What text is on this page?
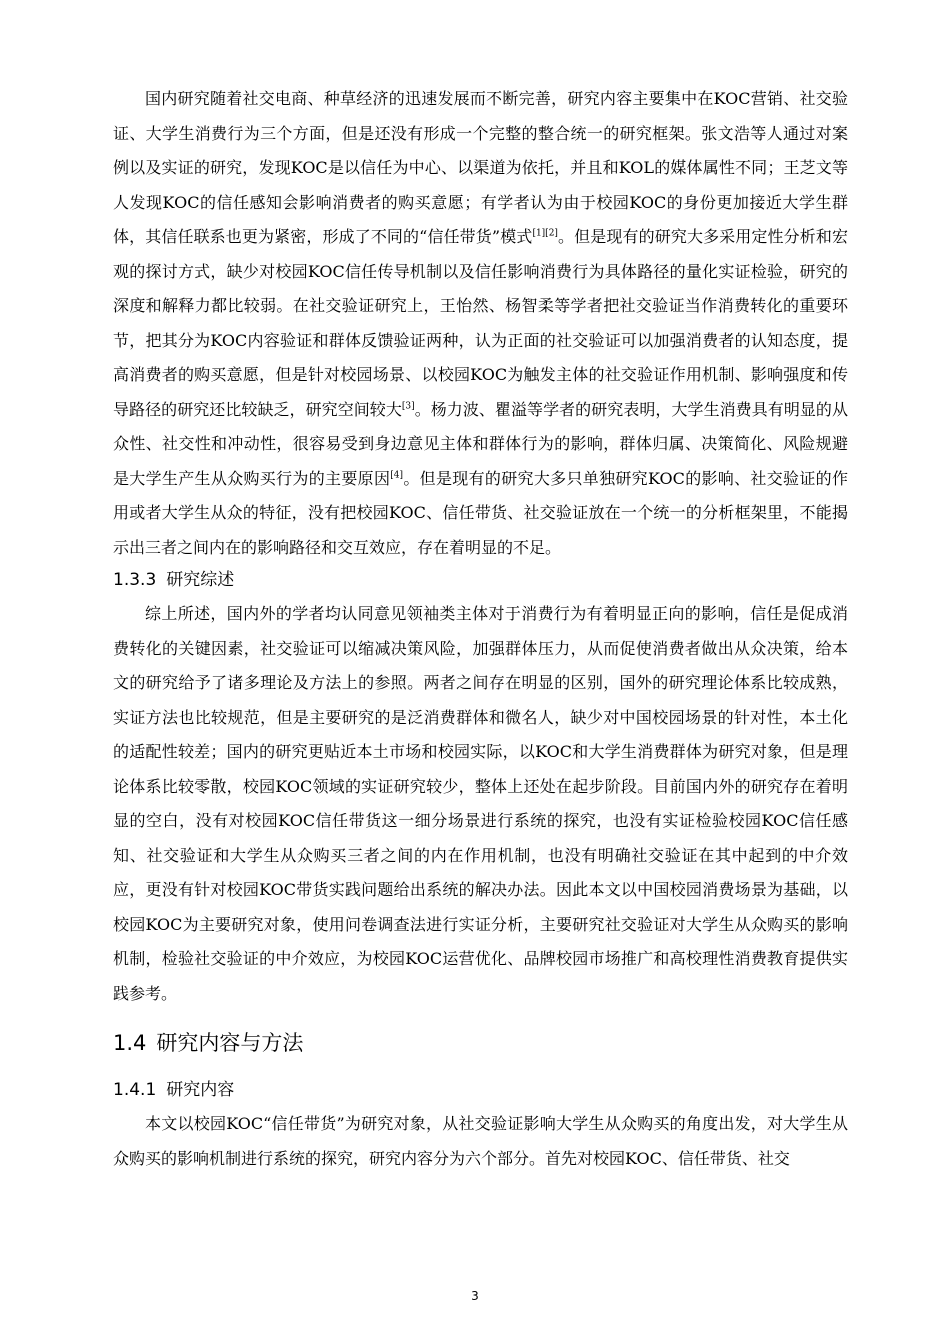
国内研究随着社交电商、种草经济的迅速发展而不断完善，研究内容主要集中在KOC营销、社交验证、大学生消费行为三个方面，但是还没有形成一个完整的整合统一的研究框架。张文浩等人通过对案例以及实证的研究，发现KOC是以信任为中心、以渠道为依托，并且和KOL的媒体属性不同；王芝文等人发现KOC的信任感知会影响消费者的购买意愿；有学者认为由于校园KOC的身份更加接近大学生群体，其信任联系也更为紧密，形成了不同的“信任带货”模式[1][2]。但是现有的研究大多采用定性分析和宏观的探讨方式，缺少对校园KOC信任传导机制以及信任影响消费行为具体路径的量化实证检验，研究的深度和解释力都比较弱。在社交验证研究上，王怡然、杨智柔等学者把社交验证当作消费转化的重要环节，把其分为KOC内容验证和群体反馈验证两种，认为正面的社交验证可以加强消费者的认知态度，提高消费者的购买意愿，但是针对校园场景、以校园KOC为触发主体的社交验证作用机制、影响强度和传导路径的研究还比较缺乏，研究空间较大[3]。杨力波、瞿溢等学者的研究表明，大学生消费具有明显的从众性、社交性和冲动性，很容易受到身边意见主体和群体行为的影响，群体归属、决策简化、风险规避是大学生产生从众购买行为的主要原因[4]。但是现有的研究大多只单独研究KOC的影响、社交验证的作用或者大学生从众的特征，没有把校园KOC、信任带货、社交验证放在一个统一的分析框架里，不能揭示出三者之间内在的影响路径和交互效应，存在着明显的不足。

1.3.3 研究综述

综上所述，国内外的学者均认同意见领袖类主体对于消费行为有着明显正向的影响，信任是促成消费转化的关键因素，社交验证可以缩减决策风险，加强群体压力，从而促使消费者做出从众决策，给本文的研究给予了诸多理论及方法上的参照。两者之间存在明显的区别，国外的研究理论体系比较成熟，实证方法也比较规范，但是主要研究的是泛消费群体和微名人，缺少对中国校园场景的针对性，本土化的适配性较差；国内的研究更贴近本土市场和校园实际，以KOC和大学生消费群体为研究对象，但是理论体系比较零散，校园KOC领域的实证研究较少，整体上还处在起步阶段。目前国内外的研究存在着明显的空白，没有对校园KOC信任带货这一细分场景进行系统的探究，也没有实证检验校园KOC信任感知、社交验证和大学生从众购买三者之间的内在作用机制，也没有明确社交验证在其中起到的中介效应，更没有针对校园KOC带货实践问题给出系统的解决办法。因此本文以中国校园消费场景为基础，以校园KOC为主要研究对象，使用问卷调查法进行实证分析，主要研究社交验证对大学生从众购买的影响机制，检验社交验证的中介效应，为校园KOC运营优化、品牌校园市场推广和高校理性消费教育提供实践参考。

1.4 研究内容与方法
1.4.1 研究内容

本文以校园KOC“信任带货”为研究对象，从社交验证影响大学生从众购买的角度出发，对大学生从众购买的影响机制进行系统的探究，研究内容分为六个部分。首先对校园KOC、信任带货、社交

3
